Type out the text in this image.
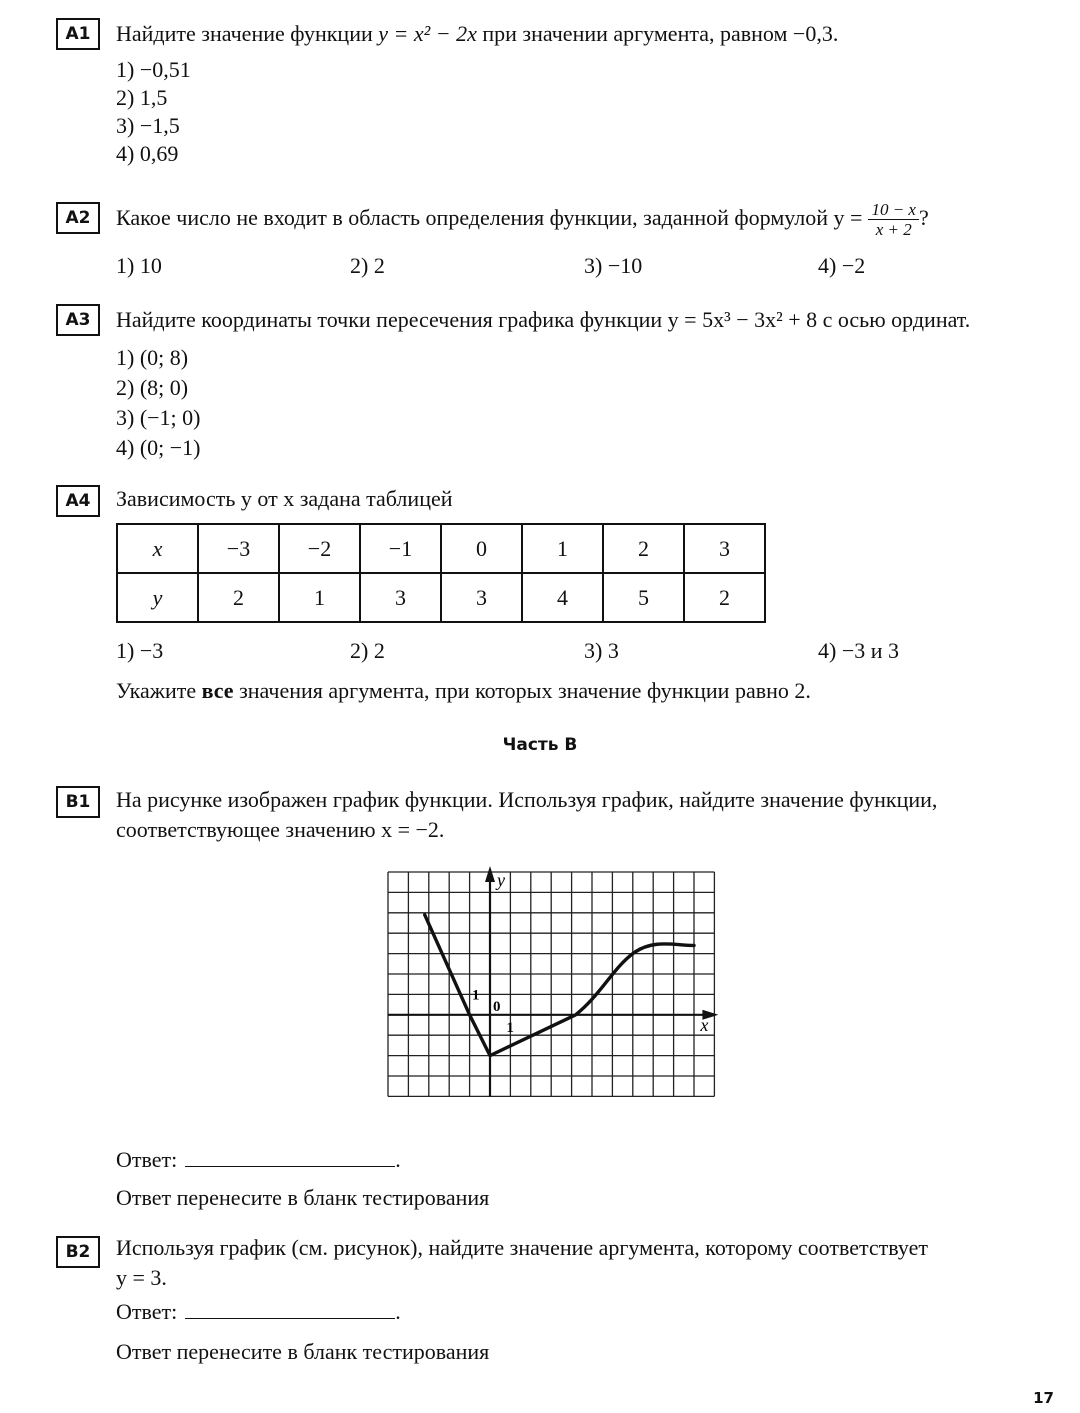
A1	Найдите значение функции y = x² − 2x при значении аргумента, равном −0,3.
1) −0,51
2) 1,5
3) −1,5
4) 0,69
A2	Какое число не входит в область определения функции, заданной формулой $y = \frac{10 - x}{x + 2}$ ?
1) 10	2) 2	3) −10	4) −2
A3	Найдите координаты точки пересечения графика функции y = 5x³ − 3x² + 8 с осью ординат.
1) (0; 8)
2) (8; 0)
3) (−1; 0)
4) (0; −1)
A4	Зависимость y от x задана таблицей
x	−3	−2	−1	0	1	2	3
y	2	1	3	3	4	5	2
1) −3	2) 2	3) 3	4) −3 и 3
Укажите все значения аргумента, при которых значение функции равно 2.
Часть B
B1	На рисунке изображен график функции. Используя график, найдите значение функции,
соответствующее значению x = −2.
y
x
0
1
1
Ответ:	.
Ответ перенесите в бланк тестирования
B2	Используя график (см. рисунок), найдите значение аргумента, которому соответствует
y = 3.
Ответ:	.
Ответ перенесите в бланк тестирования
17
